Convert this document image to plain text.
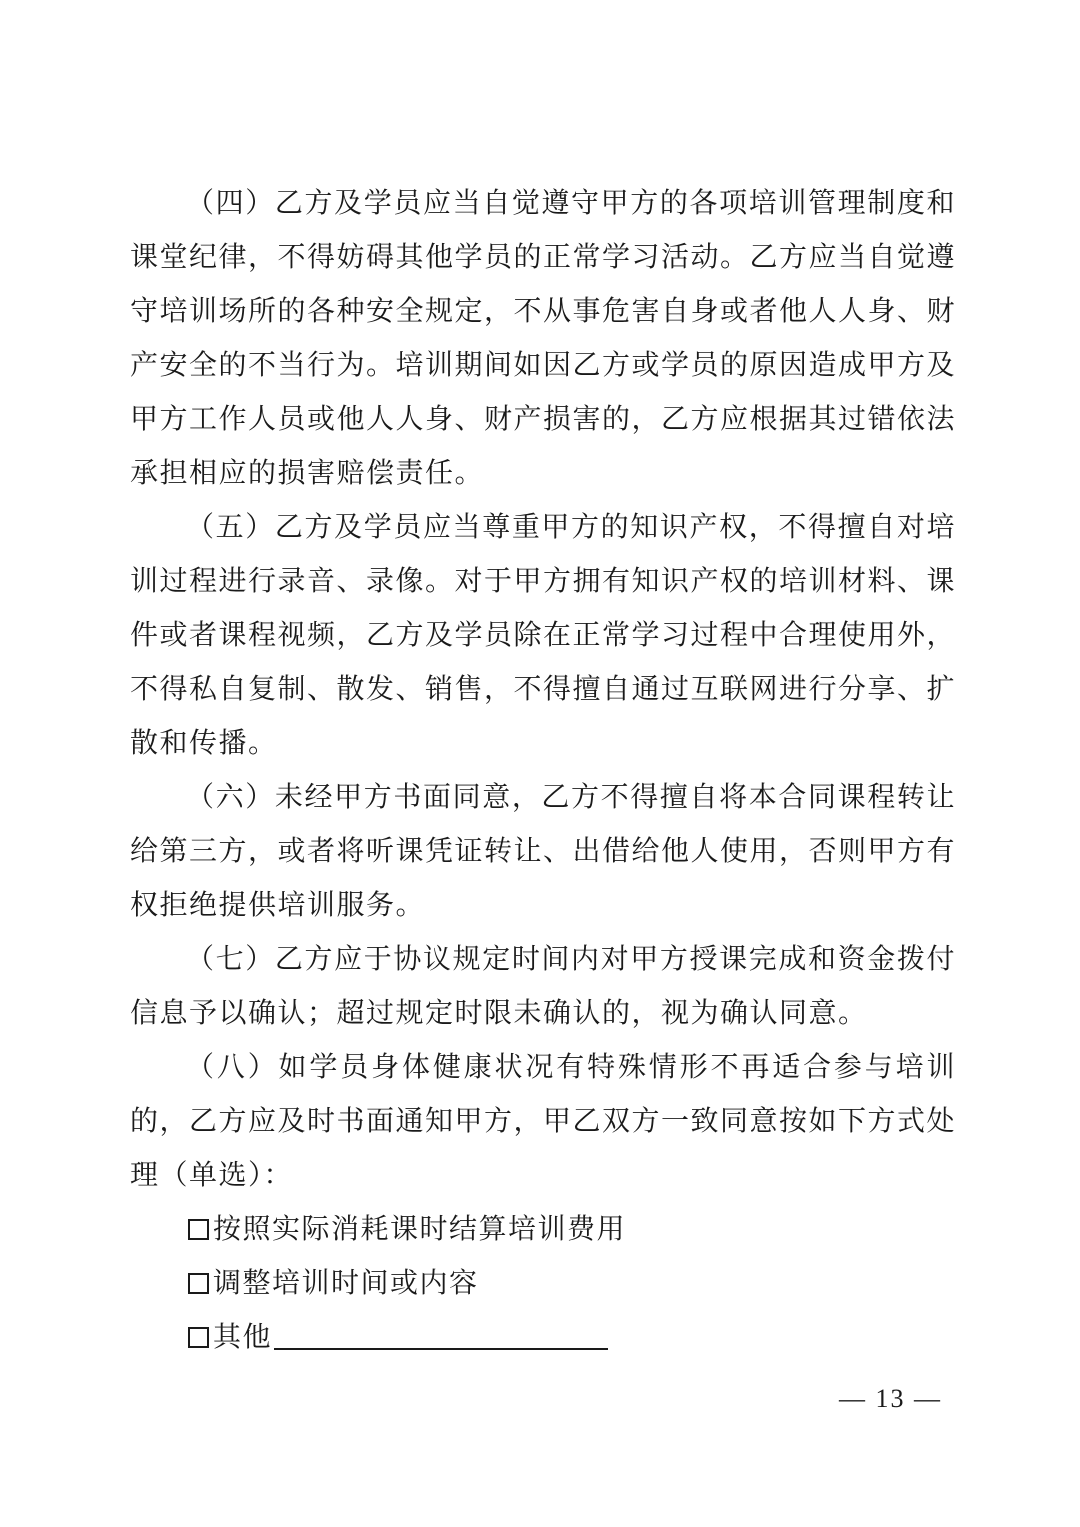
（四）乙方及学员应当自觉遵守甲方的各项培训管理制度和课堂纪律，不得妨碍其他学员的正常学习活动。乙方应当自觉遵守培训场所的各种安全规定，不从事危害自身或者他人人身、财产安全的不当行为。培训期间如因乙方或学员的原因造成甲方及甲方工作人员或他人人身、财产损害的，乙方应根据其过错依法承担相应的损害赔偿责任。

（五）乙方及学员应当尊重甲方的知识产权，不得擅自对培训过程进行录音、录像。对于甲方拥有知识产权的培训材料、课件或者课程视频，乙方及学员除在正常学习过程中合理使用外，不得私自复制、散发、销售，不得擅自通过互联网进行分享、扩散和传播。

（六）未经甲方书面同意，乙方不得擅自将本合同课程转让给第三方，或者将听课凭证转让、出借给他人使用，否则甲方有权拒绝提供培训服务。

（七）乙方应于协议规定时间内对甲方授课完成和资金拨付信息予以确认；超过规定时限未确认的，视为确认同意。

（八）如学员身体健康状况有特殊情形不再适合参与培训的，乙方应及时书面通知甲方，甲乙双方一致同意按如下方式处理（单选）：

按照实际消耗课时结算培训费用
调整培训时间或内容
其他
— 13 —
